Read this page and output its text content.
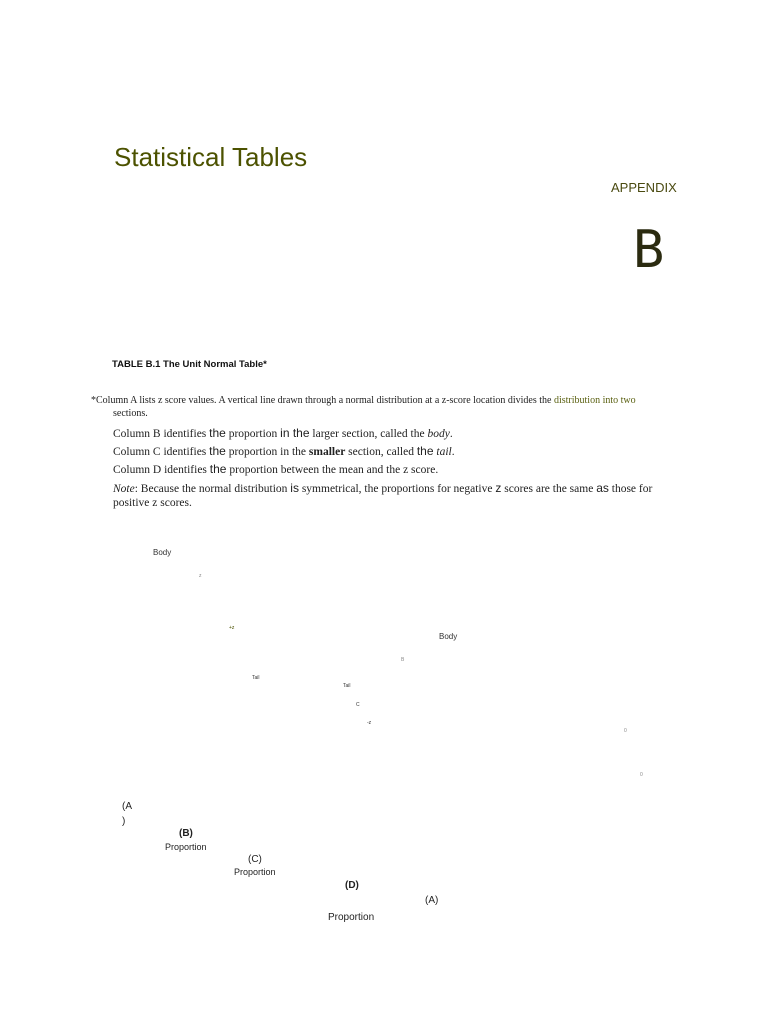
Statistical Tables
APPENDIX
B
TABLE B.1 The Unit Normal Table*
*Column A lists z score values. A vertical line drawn through a normal distribution at a z-score location divides the distribution into two
sections.
Column B identifies the proportion in the larger section, called the body.
Column C identifies the proportion in the smaller section, called the tail.
Column D identifies the proportion between the mean and the z score.
Note: Because the normal distribution is symmetrical, the proportions for negative z scores are the same as those for positive z scores.
Body
z
+z
Body
B
Tail
Tail
C
-z
0
0
(A
)
(B)
Proportion
(C)
Proportion
(D)
(A)
Proportion
